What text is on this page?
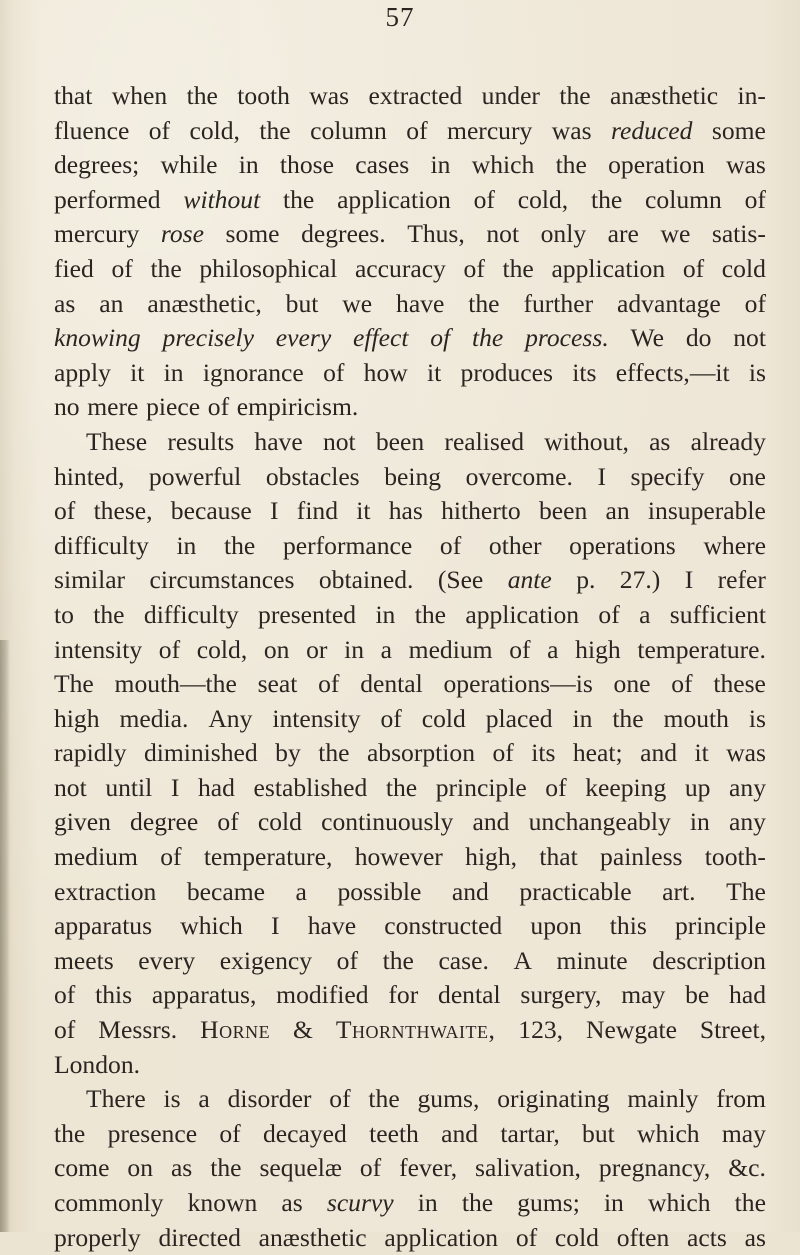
57
that when the tooth was extracted under the anæsthetic in-
fluence of cold, the column of mercury was reduced some
degrees; while in those cases in which the operation was
performed without the application of cold, the column of
mercury rose some degrees. Thus, not only are we satis-
fied of the philosophical accuracy of the application of cold
as an anæsthetic, but we have the further advantage of
knowing precisely every effect of the process. We do not
apply it in ignorance of how it produces its effects,—it is
no mere piece of empiricism.
These results have not been realised without, as already
hinted, powerful obstacles being overcome. I specify one
of these, because I find it has hitherto been an insuperable
difficulty in the performance of other operations where
similar circumstances obtained. (See ante p. 27.) I refer
to the difficulty presented in the application of a sufficient
intensity of cold, on or in a medium of a high temperature.
The mouth—the seat of dental operations—is one of these
high media. Any intensity of cold placed in the mouth is
rapidly diminished by the absorption of its heat; and it was
not until I had established the principle of keeping up any
given degree of cold continuously and unchangeably in any
medium of temperature, however high, that painless tooth-
extraction became a possible and practicable art. The
apparatus which I have constructed upon this principle
meets every exigency of the case. A minute description
of this apparatus, modified for dental surgery, may be had
of Messrs. Horne & Thornthwaite, 123, Newgate Street,
London.
There is a disorder of the gums, originating mainly from
the presence of decayed teeth and tartar, but which may
come on as the sequelæ of fever, salivation, pregnancy, &c.
commonly known as scurvy in the gums; in which the
properly directed anæsthetic application of cold often acts as
